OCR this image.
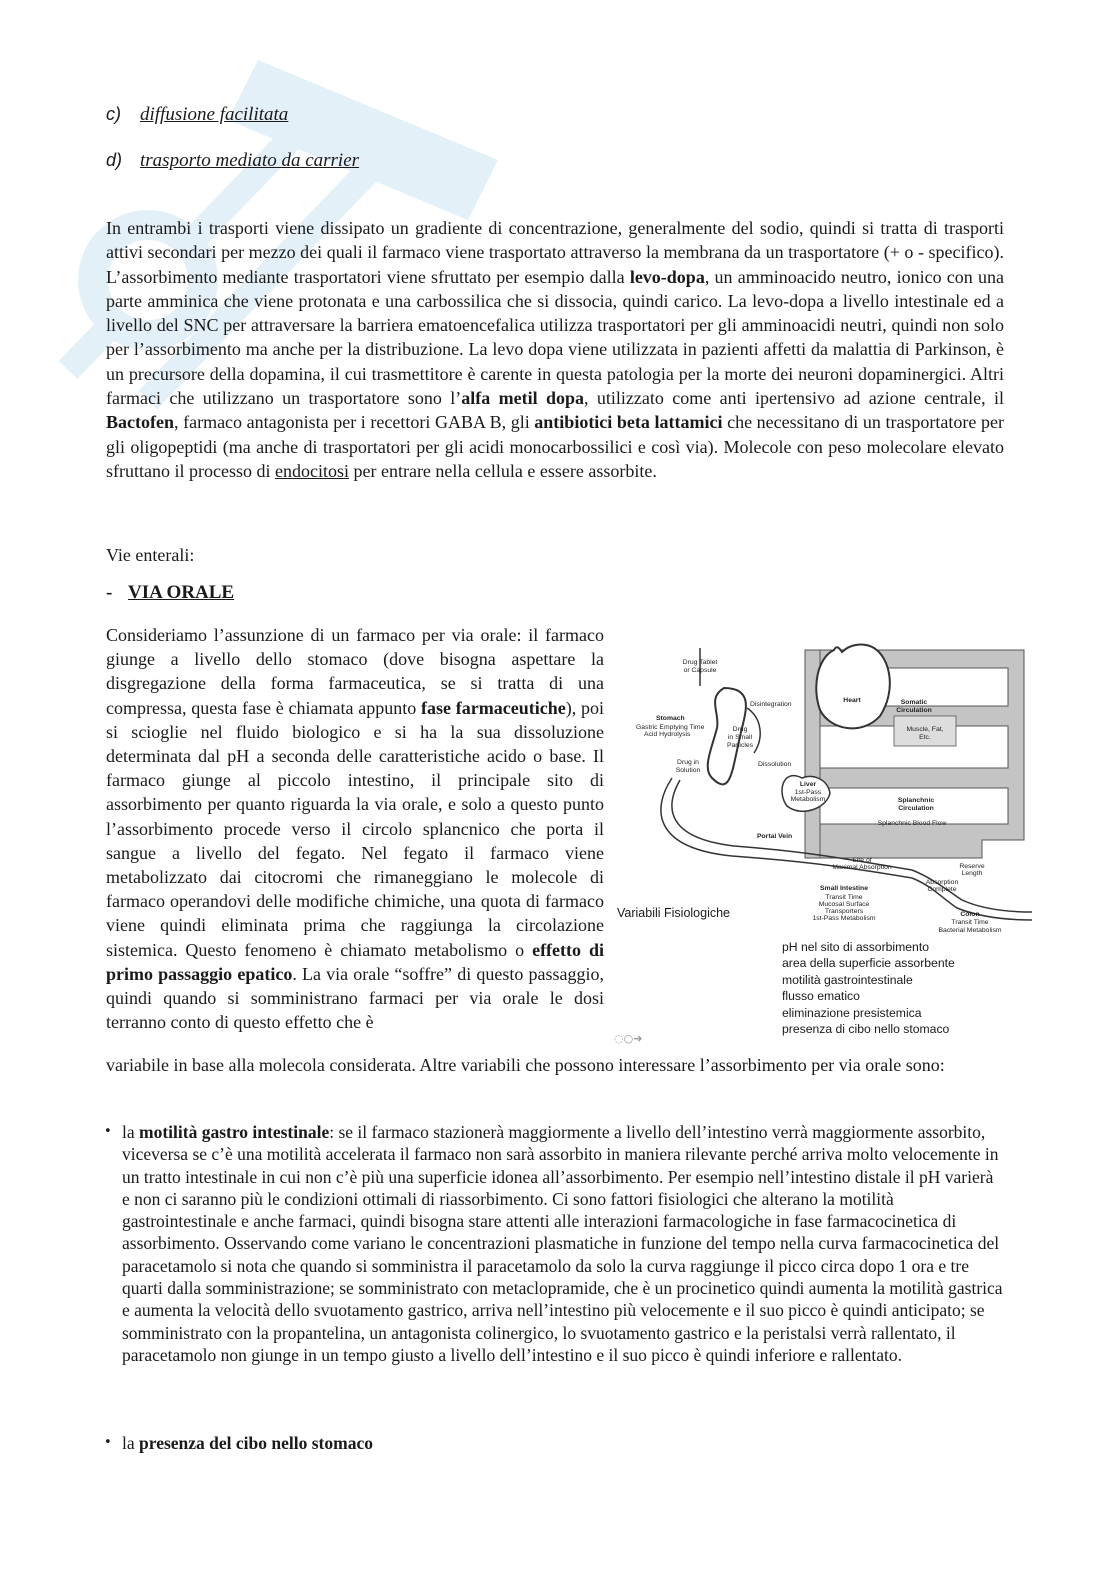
c) diffusione facilitata
d) trasporto mediato da carrier

In entrambi i trasporti viene dissipato un gradiente di concentrazione, generalmente del sodio, quindi si tratta di trasporti attivi secondari per mezzo dei quali il farmaco viene trasportato attraverso la membrana da un trasportatore (+ o - specifico). L’assorbimento mediante trasportatori viene sfruttato per esempio dalla levo-dopa, un amminoacido neutro, ionico con una parte amminica che viene protonata e una carbossilica che si dissocia, quindi carico. La levo-dopa a livello intestinale ed a livello del SNC per attraversare la barriera ematoencefalica utilizza trasportatori per gli amminoacidi neutri, quindi non solo per l’assorbimento ma anche per la distribuzione. La levo dopa viene utilizzata in pazienti affetti da malattia di Parkinson, è un precursore della dopamina, il cui trasmettitore è carente in questa patologia per la morte dei neuroni dopaminergici. Altri farmaci che utilizzano un trasportatore sono l’alfa metil dopa, utilizzato come anti ipertensivo ad azione centrale, il Bactofen, farmaco antagonista per i recettori GABA B, gli antibiotici beta lattamici che necessitano di un trasportatore per gli oligopeptidi (ma anche di trasportatori per gli acidi monocarbossilici e così via). Molecole con peso molecolare elevato sfruttano il processo di endocitosi per entrare nella cellula e essere assorbite.

Vie enterali:

- VIA ORALE

Consideriamo l’assunzione di un farmaco per via orale: il farmaco giunge a livello dello stomaco (dove bisogna aspettare la disgregazione della forma farmaceutica, se si tratta di una compressa, questa fase è chiamata appunto fase farmaceutiche), poi si scioglie nel fluido biologico e si ha la sua dissoluzione determinata dal pH a seconda delle caratteristiche acido o base. Il farmaco giunge al piccolo intestino, il principale sito di assorbimento per quanto riguarda la via orale, e solo a questo punto l’assorbimento procede verso il circolo splancnico che porta il sangue a livello del fegato. Nel fegato il farmaco viene metabolizzato dai citocromi che rimaneggiano le molecole di farmaco operandovi delle modifiche chimiche, una quota di farmaco viene quindi eliminata prima che raggiunga la circolazione sistemica. Questo fenomeno è chiamato metabolismo o effetto di primo passaggio epatico. La via orale “soffre” di questo passaggio, quindi quando si somministrano farmaci per via orale le dosi terranno conto di questo effetto che è

Drug Tablet
or Capsule
Disintegration
Stomach
Gastric Emptying Time
Acid Hydrolysis
Drug
in Small
Particles
Dissolution
Drug in
Solution
Heart	Somatic
Circulation
Muscle, Fat,
Etc.
Liver
1st-Pass
Metabolism	Splanchnic
Circulation
Splanchnic Blood Flow
Portal Vein
Site of
Maximal Absorption	Reserve
Length
Absorption
Complete
Small Intestine
Transit Time
Mucosal Surface
Transporters
1st-Pass Metabolism
Colon
Transit Time
Bacterial Metabolism
Variabili Fisiologiche
pH nel sito di assorbimento
area della superficie assorbente
motilità gastrointestinale
flusso ematico
eliminazione presistemica
presenza di cibo nello stomaco
◌○➜

variabile in base alla molecola considerata. Altre variabili che possono interessare l’assorbimento per via orale sono:

• la motilità gastro intestinale: se il farmaco stazionerà maggiormente a livello dell’intestino verrà maggiormente assorbito, viceversa se c’è una motilità accelerata il farmaco non sarà assorbito in maniera rilevante perché arriva molto velocemente in un tratto intestinale in cui non c’è più una superficie idonea all’assorbimento. Per esempio nell’intestino distale il pH varierà e non ci saranno più le condizioni ottimali di riassorbimento. Ci sono fattori fisiologici che alterano la motilità gastrointestinale e anche farmaci, quindi bisogna stare attenti alle interazioni farmacologiche in fase farmacocinetica di assorbimento. Osservando come variano le concentrazioni plasmatiche in funzione del tempo nella curva farmacocinetica del paracetamolo si nota che quando si somministra il paracetamolo da solo la curva raggiunge il picco circa dopo 1 ora e tre quarti dalla somministrazione; se somministrato con metaclopramide, che è un procinetico quindi aumenta la motilità gastrica e aumenta la velocità dello svuotamento gastrico, arriva nell’intestino più velocemente e il suo picco è quindi anticipato; se somministrato con la propantelina, un antagonista colinergico, lo svuotamento gastrico e la peristalsi verrà rallentato, il paracetamolo non giunge in un tempo giusto a livello dell’intestino e il suo picco è quindi inferiore e rallentato.
• la presenza del cibo nello stomaco
